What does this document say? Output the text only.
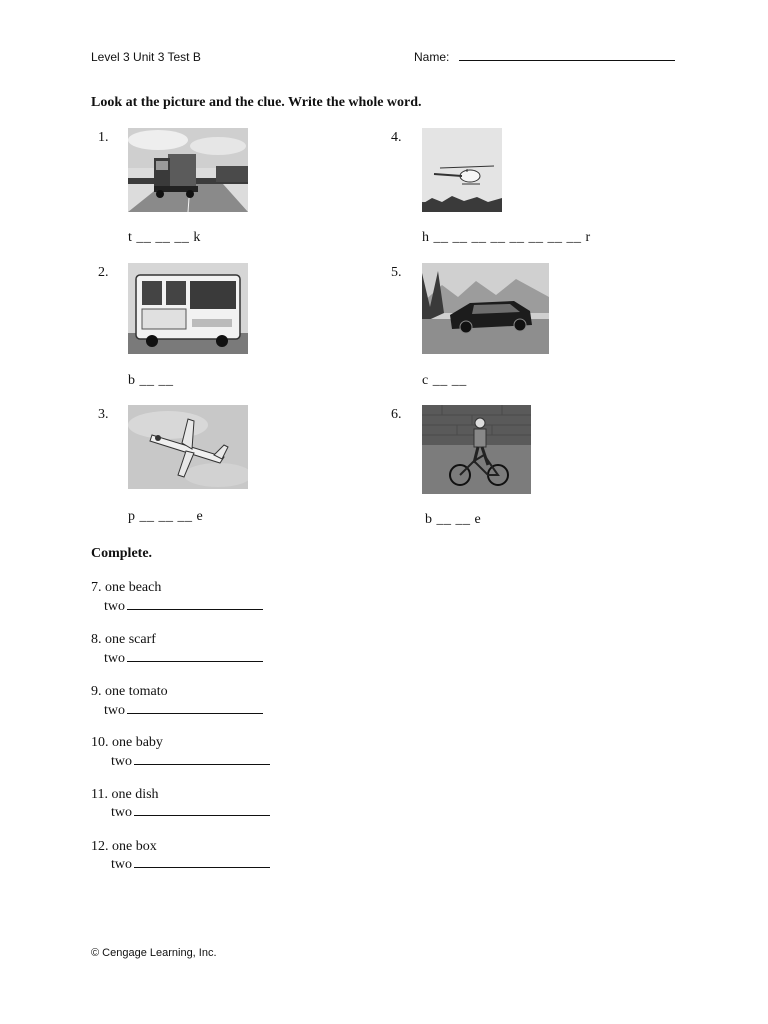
Level 3 Unit 3 Test B	Name:
Look at the picture and the clue. Write the whole word.
1.
t __ __ __ k
2.
b __ __
3.
p __ __ __ e
4.
h __ __ __ __ __ __ __ __ r
5.
c __ __
6.
b __ __ e
Complete.
7. one beach
two
8. one scarf
two
9. one tomato
two
10. one baby
two
11. one dish
two
12. one box
two
© Cengage Learning, Inc.
